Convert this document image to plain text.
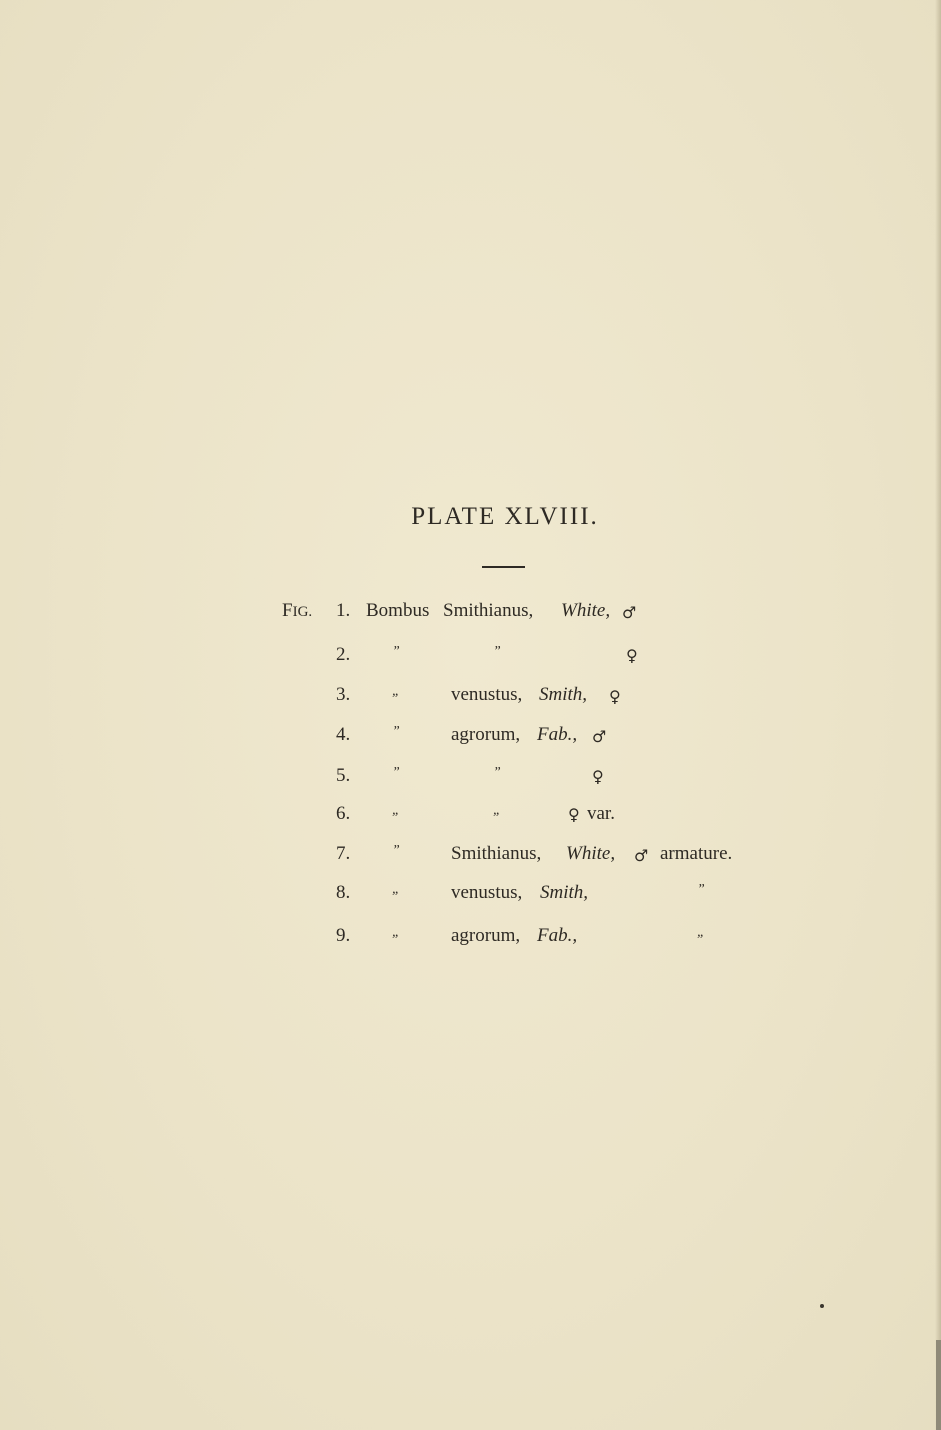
PLATE XLVIII.
FIG. 1. Bombus Smithianus, White, ♂
2.	”	”	♀
3.	„	venustus, Smith, ♀
4.	”	agrorum, Fab., ♂
5.	”	”	♀
6.	„	„	♀ var.
7.	”	Smithianus, White, ♂ armature.
8.	„	venustus, Smith,	”
9.	„	agrorum, Fab.,	„
